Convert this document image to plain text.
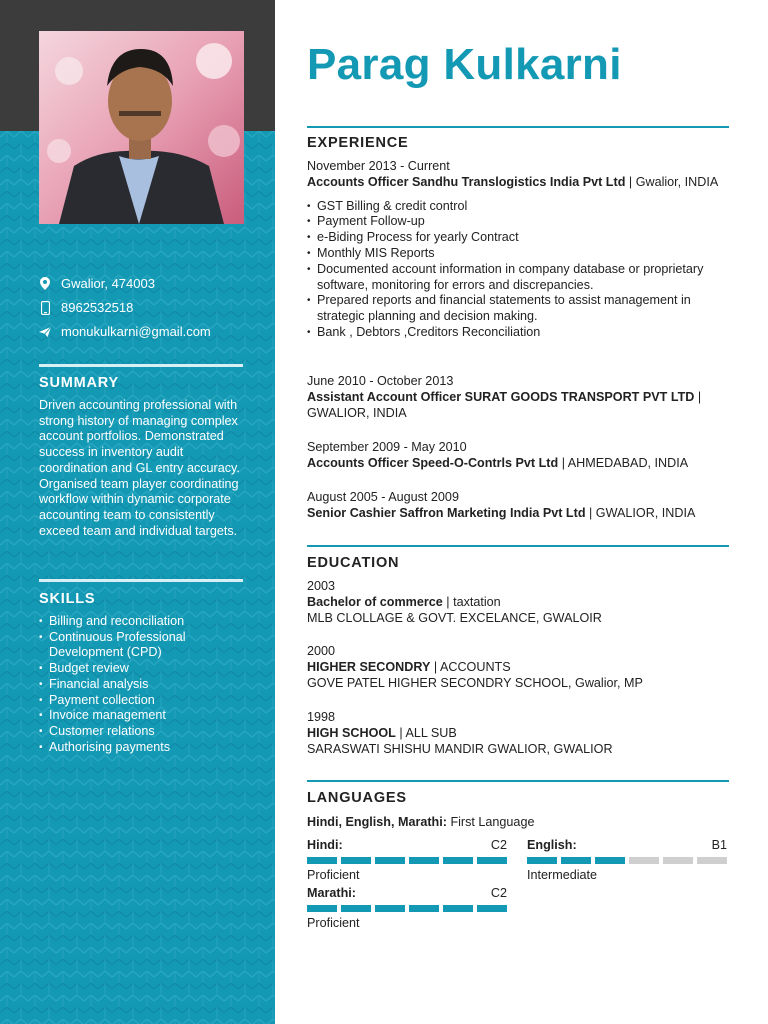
Gwalior, 474003
8962532518
monukulkarni@gmail.com
SUMMARY
Driven accounting professional with strong history of managing complex account portfolios. Demonstrated success in inventory audit coordination and GL entry accuracy. Organised team player coordinating workflow within dynamic corporate accounting team to consistently exceed team and individual targets.
SKILLS
• Billing and reconciliation
• Continuous Professional Development (CPD)
• Budget review
• Financial analysis
• Payment collection
• Invoice management
• Customer relations
• Authorising payments
Parag Kulkarni
EXPERIENCE
November 2013 - Current
Accounts Officer Sandhu Translogistics India Pvt Ltd | Gwalior, INDIA
• GST Billing & credit control
• Payment Follow-up
• e-Biding Process for yearly Contract
• Monthly MIS Reports
• Documented account information in company database or proprietary software, monitoring for errors and discrepancies.
• Prepared reports and financial statements to assist management in strategic planning and decision making.
• Bank , Debtors ,Creditors Reconciliation
June 2010 - October 2013
Assistant Account Officer SURAT GOODS TRANSPORT PVT LTD | GWALIOR, INDIA
September 2009 - May 2010
Accounts Officer Speed-O-Contrls Pvt Ltd | AHMEDABAD, INDIA
August 2005 - August 2009
Senior Cashier Saffron Marketing India Pvt Ltd | GWALIOR, INDIA
EDUCATION
2003
Bachelor of commerce | taxtation
MLB CLOLLAGE & GOVT. EXCELANCE, GWALOIR
2000
HIGHER SECONDRY | ACCOUNTS
GOVE PATEL HIGHER SECONDRY SCHOOL, Gwalior, MP
1998
HIGH SCHOOL | ALL SUB
SARASWATI SHISHU MANDIR GWALIOR, GWALIOR
LANGUAGES
Hindi, English, Marathi: First Language
Hindi:	C2
Proficient
English:	B1
Intermediate
Marathi:	C2
Proficient
